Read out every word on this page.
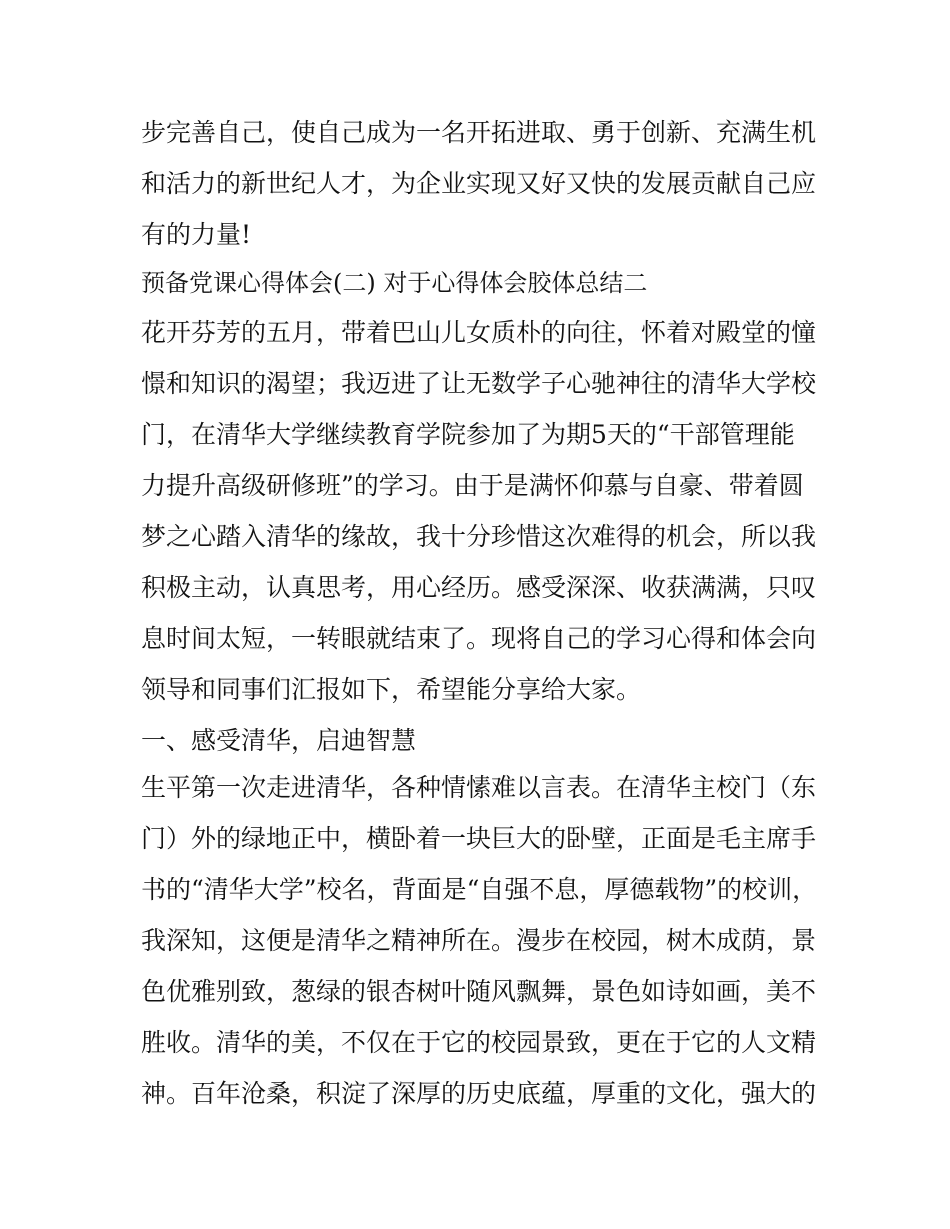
步完善自己，使自己成为一名开拓进取、勇于创新、充满生机
和活力的新世纪人才，为企业实现又好又快的发展贡献自己应
有的力量!
预备党课心得体会(二) 对于心得体会胶体总结二
花开芬芳的五月，带着巴山儿女质朴的向往，怀着对殿堂的憧
憬和知识的渴望；我迈进了让无数学子心驰神往的清华大学校
门，在清华大学继续教育学院参加了为期5天的“干部管理能
力提升高级研修班”的学习。由于是满怀仰慕与自豪、带着圆
梦之心踏入清华的缘故，我十分珍惜这次难得的机会，所以我
积极主动，认真思考，用心经历。感受深深、收获满满，只叹
息时间太短，一转眼就结束了。现将自己的学习心得和体会向
领导和同事们汇报如下，希望能分享给大家。
一、感受清华，启迪智慧
生平第一次走进清华，各种情愫难以言表。在清华主校门（东
门）外的绿地正中，横卧着一块巨大的卧壁，正面是毛主席手
书的“清华大学”校名，背面是“自强不息，厚德载物”的校训，
我深知，这便是清华之精神所在。漫步在校园，树木成荫，景
色优雅别致，葱绿的银杏树叶随风飘舞，景色如诗如画，美不
胜收。清华的美，不仅在于它的校园景致，更在于它的人文精
神。百年沧桑，积淀了深厚的历史底蕴，厚重的文化，强大的
